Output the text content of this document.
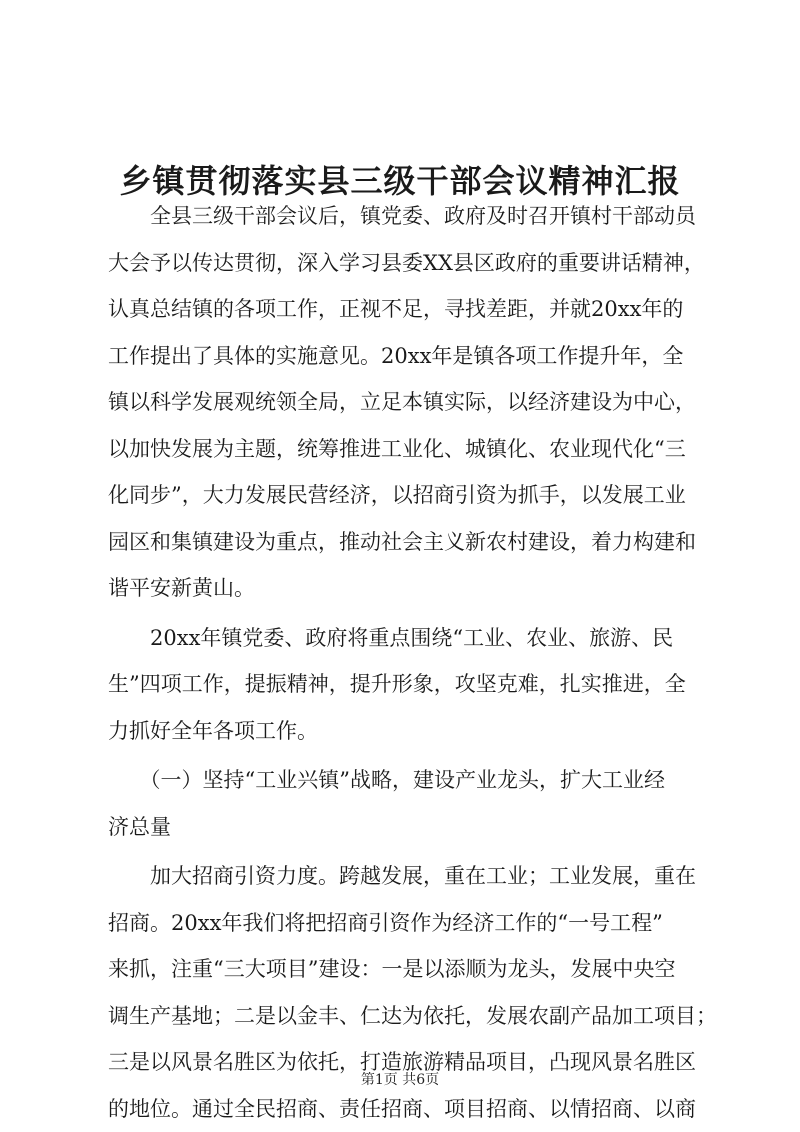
乡镇贯彻落实县三级干部会议精神汇报

　　全县三级干部会议后，镇党委、政府及时召开镇村干部动员
大会予以传达贯彻，深入学习县委XX县区政府的重要讲话精神，
认真总结镇的各项工作，正视不足，寻找差距，并就20xx年的
工作提出了具体的实施意见。20xx年是镇各项工作提升年，全
镇以科学发展观统领全局，立足本镇实际，以经济建设为中心，
以加快发展为主题，统筹推进工业化、城镇化、农业现代化“三
化同步”，大力发展民营经济，以招商引资为抓手，以发展工业
园区和集镇建设为重点，推动社会主义新农村建设，着力构建和
谐平安新黄山。

　　20xx年镇党委、政府将重点围绕“工业、农业、旅游、民
生”四项工作，提振精神，提升形象，攻坚克难，扎实推进，全
力抓好全年各项工作。

　　（一）坚持“工业兴镇”战略，建设产业龙头，扩大工业经
济总量

　　加大招商引资力度。跨越发展，重在工业；工业发展，重在
招商。20xx年我们将把招商引资作为经济工作的“一号工程”
来抓，注重“三大项目”建设：一是以添顺为龙头，发展中央空
调生产基地；二是以金丰、仁达为依托，发展农副产品加工项目；
三是以风景名胜区为依托，打造旅游精品项目，凸现风景名胜区
的地位。通过全民招商、责任招商、项目招商、以情招商、以商

第1页 共6页
